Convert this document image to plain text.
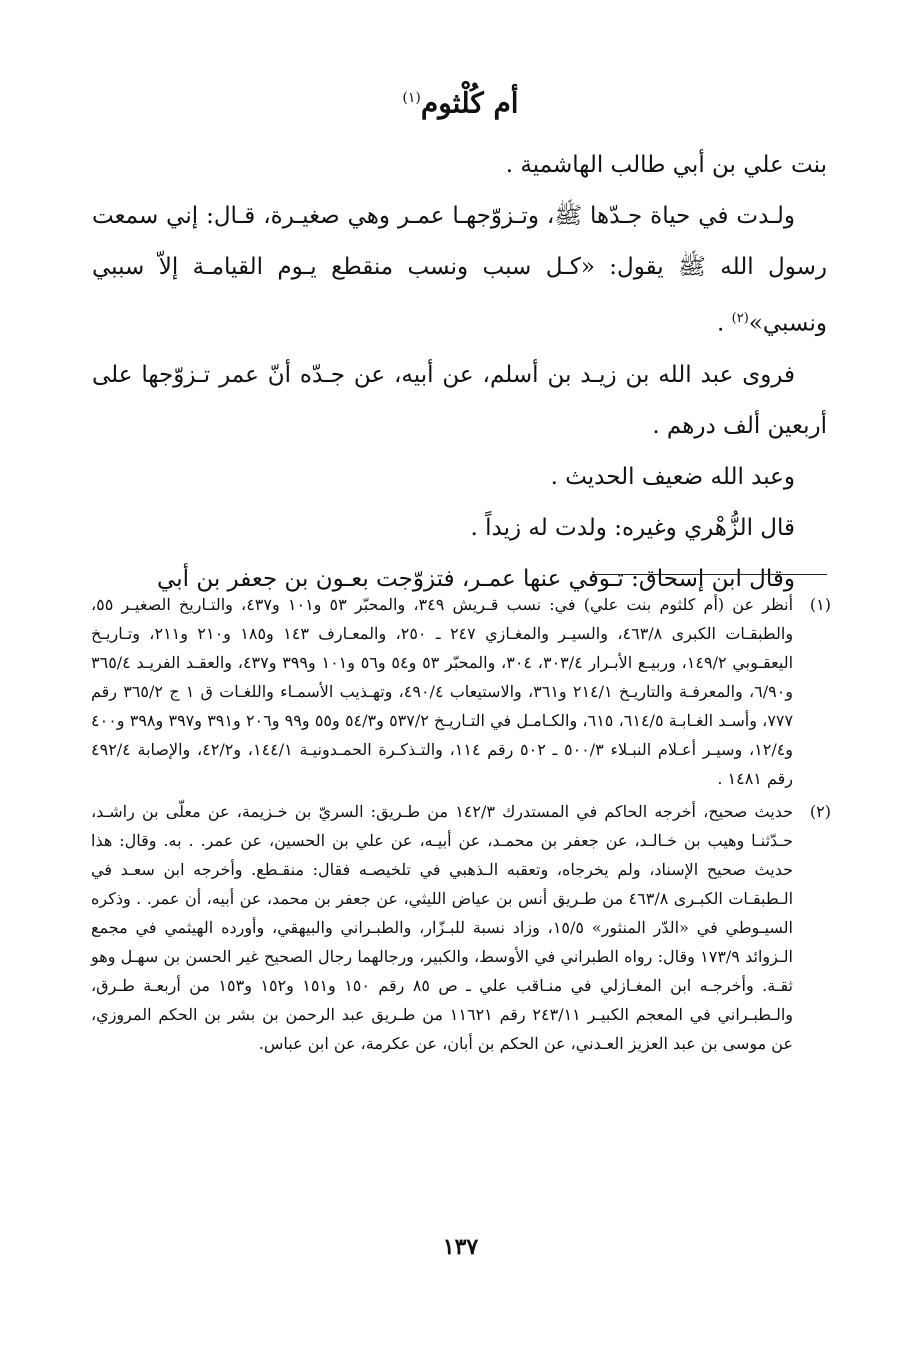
أم كُلْثوم$^{(١)}$

بنت علي بن أبي طالب الهاشمية .

ولـدت في حياة جـدّها ﷺ، وتـزوّجهـا عمـر وهي صغيـرة، قـال: إني سمعت رسول الله ﷺ يقول: «كـل سبب ونسب منقطع يـوم القيامـة إلاّ سببي ونسبي»$^{(٢)}$ .

فروى عبد الله بن زيـد بن أسلم، عن أبيه، عن جـدّه أنّ عمر تـزوّجها على أربعين ألف درهم .

وعبد الله ضعيف الحديث .

قال الزُّهْري وغيره: ولدت له زيداً .

وقال ابن إسحاق: تـوفي عنها عمـر، فتزوّجت بعـون بن جعفر بن أبي

(١)
أنظر عن (أم كلثوم بنت علي) في: نسب قـريش ٣٤٩، والمحبّر ٥٣ و١٠١ و٤٣٧، والتـاريخ الصغيـر ٥٥، والطبقـات الكبرى ٤٦٣/٨، والسيـر والمغـازي ٢٤٧ ـ ٢٥٠، والمعـارف ١٤٣ و١٨٥ و٢١٠ و٢١١، وتـاريـخ اليعقـوبي ١٤٩/٢، وربيـع الأبـرار ٣٠٣/٤، ٣٠٤، والمحبّر ٥٣ و٥٤ و٥٦ و١٠١ و٣٩٩ و٤٣٧، والعقـد الفريـد ٣٦٥/٤ و٦/٩٠، والمعرفـة والتاريـخ ٢١٤/١ و٣٦١، والاستيعاب ٤٩٠/٤، وتهـذيب الأسمـاء واللغـات ق ١ ج ٣٦٥/٢ رقم ٧٧٧، وأسـد الغـابـة ٦١٤/٥، ٦١٥، والكـامـل في التـاريـخ ٥٣٧/٢ و٥٤/٣ و٥٥ و٩٩ و٢٠٦ و٣٩١ و٣٩٧ و٣٩٨ و٤٠٠ و١٢/٤، وسيـر أعـلام النبـلاء ٥٠٠/٣ ـ ٥٠٢ رقم ١١٤، والتـذكـرة الحمـدونيـة ١٤٤/١، و٤٢/٢، والإصابة ٤٩٢/٤ رقم ١٤٨١ .
(٢)
حديث صحيح، أخرجه الحاكم في المستدرك ١٤٢/٣ من طـريق: السريّ بن خـزيمة، عن معلّى بن راشـد، حـدّثنـا وهيب بن خـالـد، عن جعفر بن محمـد، عن أبيـه، عن علي بن الحسين، عن عمر. . به. وقال: هذا حديث صحيح الإسناد، ولم يخرجاه، وتعقبه الـذهبي في تلخيصـه فقال: منقـطع. وأخرجه ابن سعـد في الـطبقـات الكبـرى ٤٦٣/٨ من طـريق أنس بن عياض الليثي، عن جعفر بن محمد، عن أبيه، أن عمر. . وذكره السيـوطي في «الدّر المنثور» ١٥/٥، وزاد نسبة للبـزّار، والطبـراني والبيهقي، وأورده الهيثمي في مجمع الـزوائد ١٧٣/٩ وقال: رواه الطبراني في الأوسط، والكبير، ورجالهما رجال الصحيح غير الحسن بن سهـل وهو ثقـة. وأخرجـه ابن المغـازلي في منـاقب علي ـ ص ٨٥ رقم ١٥٠ و١٥١ و١٥٢ و١٥٣ من أربعـة طـرق، والـطبـراني في المعجم الكبيـر ٢٤٣/١١ رقم ١١٦٢١ من طـريق عبد الرحمن بن بشر بن الحكم المروزي، عن موسى بن عبد العزيز العـدني، عن الحكم بن أبان، عن عكرمة، عن ابن عباس.
١٣٧
